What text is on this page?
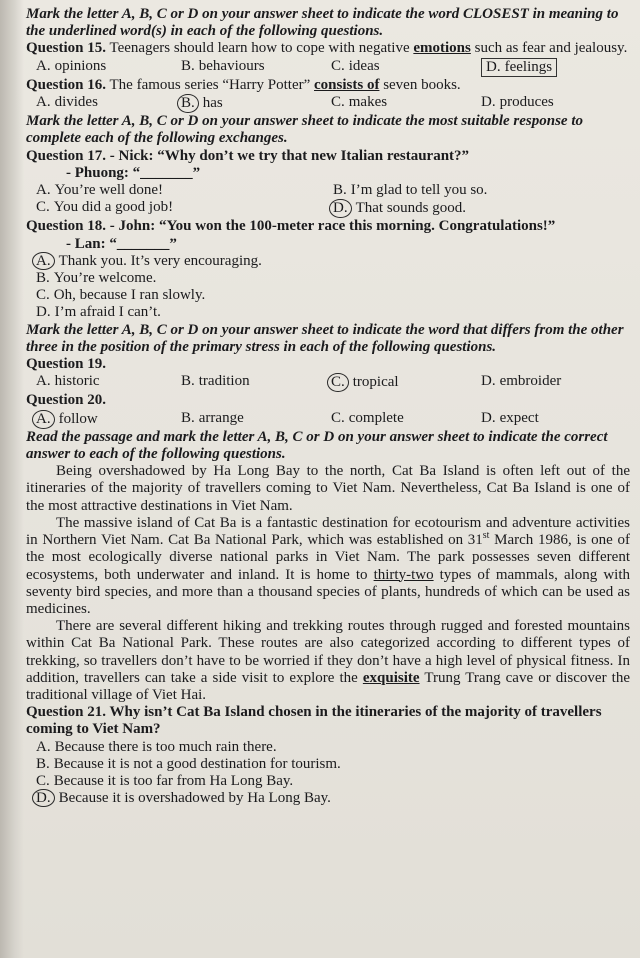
Mark the letter A, B, C or D on your answer sheet to indicate the word CLOSEST in meaning to the underlined word(s) in each of the following questions.

Question 15. Teenagers should learn how to cope with negative emotions such as fear and jealousy.

A. opinions	B. behaviours	C. ideas	D. feelings

Question 16. The famous series “Harry Potter” consists of seven books.

A. divides	B. has	C. makes	D. produces

Mark the letter A, B, C or D on your answer sheet to indicate the most suitable response to complete each of the following exchanges.

Question 17. - Nick: “Why don’t we try that new Italian restaurant?”

- Phuong: “_______”

A. You’re well done!	B. I’m glad to tell you so.
C. You did a good job!	D. That sounds good.

Question 18. - John: “You won the 100-meter race this morning. Congratulations!”

- Lan: “_______”

A. Thank you. It’s very encouraging.

B. You’re welcome.

C. Oh, because I ran slowly.

D. I’m afraid I can’t.

Mark the letter A, B, C or D on your answer sheet to indicate the word that differs from the other three in the position of the primary stress in each of the following questions.

Question 19.

A. historic	B. tradition	C. tropical	D. embroider

Question 20.

A. follow	B. arrange	C. complete	D. expect

Read the passage and mark the letter A, B, C or D on your answer sheet to indicate the correct answer to each of the following questions.

Being overshadowed by Ha Long Bay to the north, Cat Ba Island is often left out of the itineraries of the majority of travellers coming to Viet Nam. Nevertheless, Cat Ba Island is one of the most attractive destinations in Viet Nam.

The massive island of Cat Ba is a fantastic destination for ecotourism and adventure activities in Northern Viet Nam. Cat Ba National Park, which was established on 31st March 1986, is one of the most ecologically diverse national parks in Viet Nam. The park possesses seven different ecosystems, both underwater and inland. It is home to thirty-two types of mammals, along with seventy bird species, and more than a thousand species of plants, hundreds of which can be used as medicines.

There are several different hiking and trekking routes through rugged and forested mountains within Cat Ba National Park. These routes are also categorized according to different types of trekking, so travellers don’t have to be worried if they don’t have a high level of physical fitness. In addition, travellers can take a side visit to explore the exquisite Trung Trang cave or discover the traditional village of Viet Hai.

Question 21. Why isn’t Cat Ba Island chosen in the itineraries of the majority of travellers coming to Viet Nam?

A. Because there is too much rain there.

B. Because it is not a good destination for tourism.

C. Because it is too far from Ha Long Bay.

D. Because it is overshadowed by Ha Long Bay.
